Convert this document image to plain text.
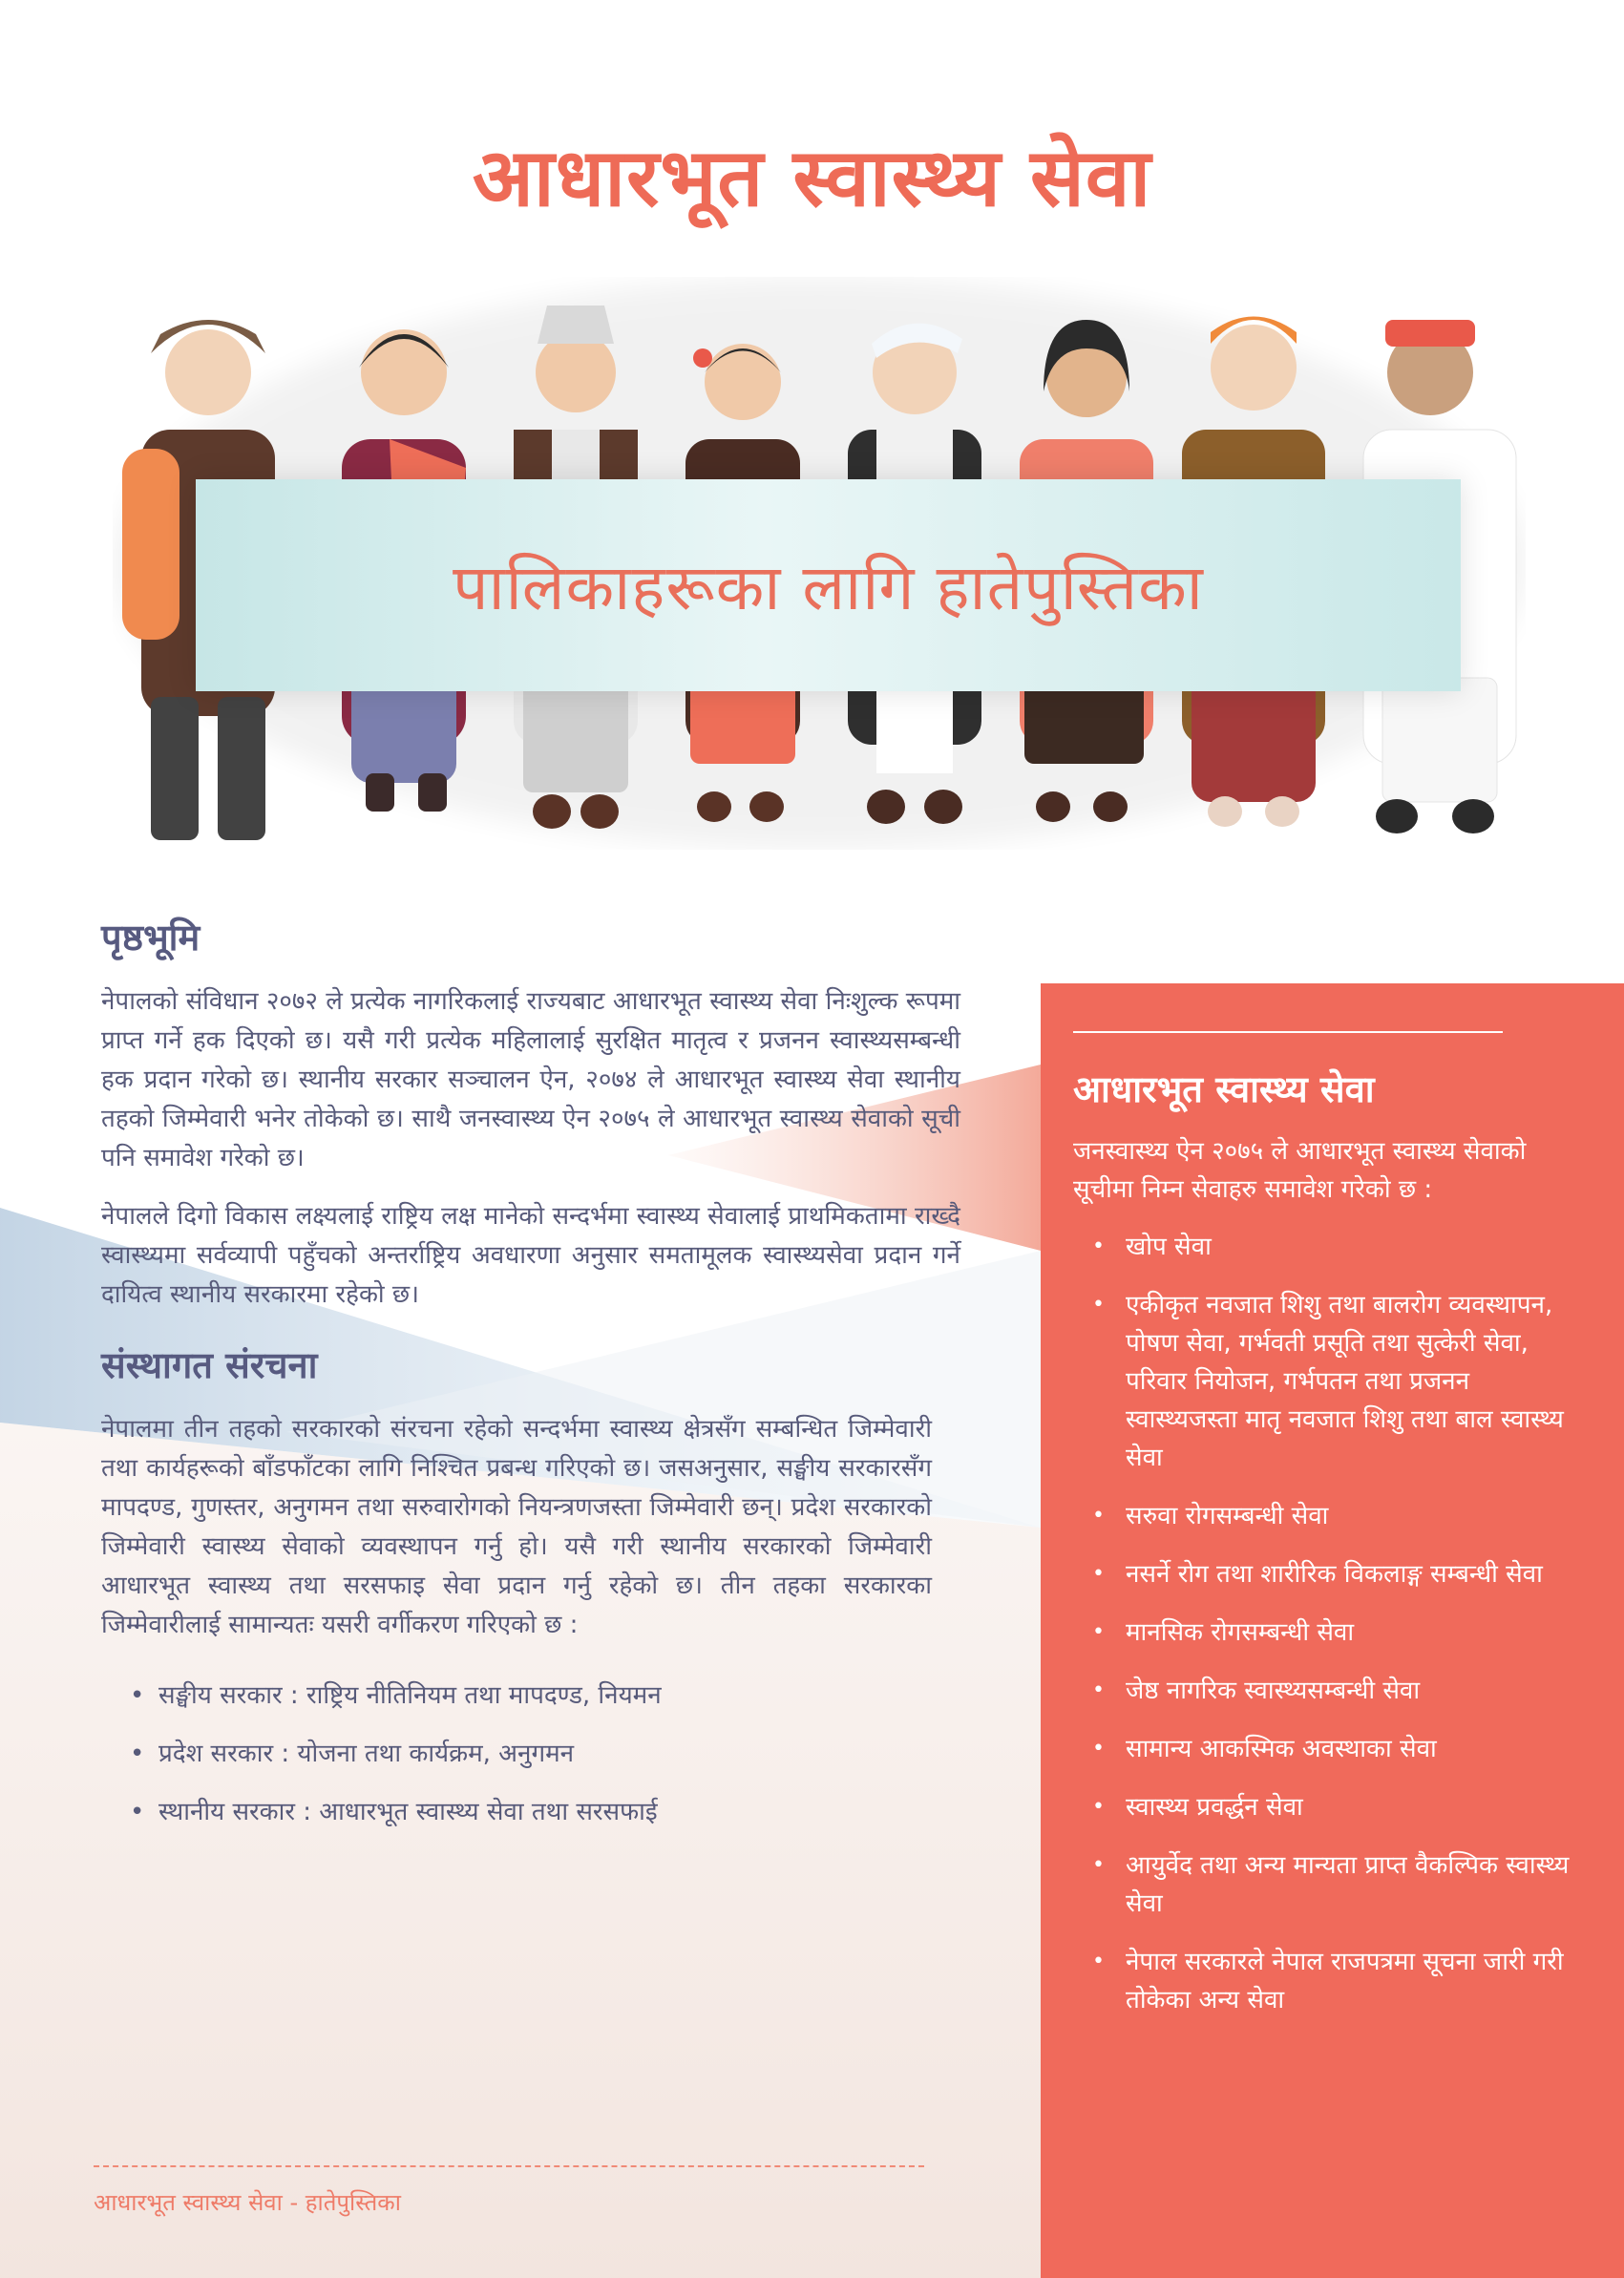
आधारभूत स्वास्थ्य सेवा
पालिकाहरूका लागि हातेपुस्तिका
पृष्ठभूमि

नेपालको संविधान २०७२ ले प्रत्येक नागरिकलाई राज्यबाट आधारभूत स्वास्थ्य सेवा निःशुल्क रूपमा प्राप्त गर्ने हक दिएको छ। यसै गरी प्रत्येक महिलालाई सुरक्षित मातृत्व र प्रजनन स्वास्थ्यसम्बन्धी हक प्रदान गरेको छ। स्थानीय सरकार सञ्चालन ऐन, २०७४ ले आधारभूत स्वास्थ्य सेवा स्थानीय तहको जिम्मेवारी भनेर तोकेको छ। साथै जनस्वास्थ्य ऐन २०७५ ले आधारभूत स्वास्थ्य सेवाको सूची पनि समावेश गरेको छ।

नेपालले दिगो विकास लक्ष्यलाई राष्ट्रिय लक्ष मानेको सन्दर्भमा स्वास्थ्य सेवालाई प्राथमिकतामा राख्दै स्वास्थ्यमा सर्वव्यापी पहुँचको अन्तर्राष्ट्रिय अवधारणा अनुसार समतामूलक स्वास्थ्यसेवा प्रदान गर्ने दायित्व स्थानीय सरकारमा रहेको छ।

संस्थागत संरचना

नेपालमा तीन तहको सरकारको संरचना रहेको सन्दर्भमा स्वास्थ्य क्षेत्रसँग सम्बन्धित जिम्मेवारी तथा कार्यहरूको बाँडफाँटका लागि निश्चित प्रबन्ध गरिएको छ। जसअनुसार, सङ्घीय सरकारसँग मापदण्ड, गुणस्तर, अनुगमन तथा सरुवारोगको नियन्त्रणजस्ता जिम्मेवारी छन्। प्रदेश सरकारको जिम्मेवारी स्वास्थ्य सेवाको व्यवस्थापन गर्नु हो। यसै गरी स्थानीय सरकारको जिम्मेवारी आधारभूत स्वास्थ्य तथा सरसफाइ सेवा प्रदान गर्नु रहेको छ। तीन तहका सरकारका जिम्मेवारीलाई सामान्यतः यसरी वर्गीकरण गरिएको छ :

• सङ्घीय सरकार : राष्ट्रिय नीतिनियम तथा मापदण्ड, नियमन
• प्रदेश सरकार : योजना तथा कार्यक्रम, अनुगमन
• स्थानीय सरकार : आधारभूत स्वास्थ्य सेवा तथा सरसफाई
आधारभूत स्वास्थ्य सेवा - हातेपुस्तिका
आधारभूत स्वास्थ्य सेवा

जनस्वास्थ्य ऐन २०७५ ले आधारभूत स्वास्थ्य सेवाको सूचीमा निम्न सेवाहरु समावेश गरेको छ :

• खोप सेवा
• एकीकृत नवजात शिशु तथा बालरोग व्यवस्थापन, पोषण सेवा, गर्भवती प्रसूति तथा सुत्केरी सेवा, परिवार नियोजन, गर्भपतन तथा प्रजनन स्वास्थ्यजस्ता मातृ नवजात शिशु तथा बाल स्वास्थ्य सेवा
• सरुवा रोगसम्बन्धी सेवा
• नसर्ने रोग तथा शारीरिक विकलाङ्ग सम्बन्धी सेवा
• मानसिक रोगसम्बन्धी सेवा
• जेष्ठ नागरिक स्वास्थ्यसम्बन्धी सेवा
• सामान्य आकस्मिक अवस्थाका सेवा
• स्वास्थ्य प्रवर्द्धन सेवा
• आयुर्वेद तथा अन्य मान्यता प्राप्त वैकल्पिक स्वास्थ्य सेवा
• नेपाल सरकारले नेपाल राजपत्रमा सूचना जारी गरी तोकेका अन्य सेवा
